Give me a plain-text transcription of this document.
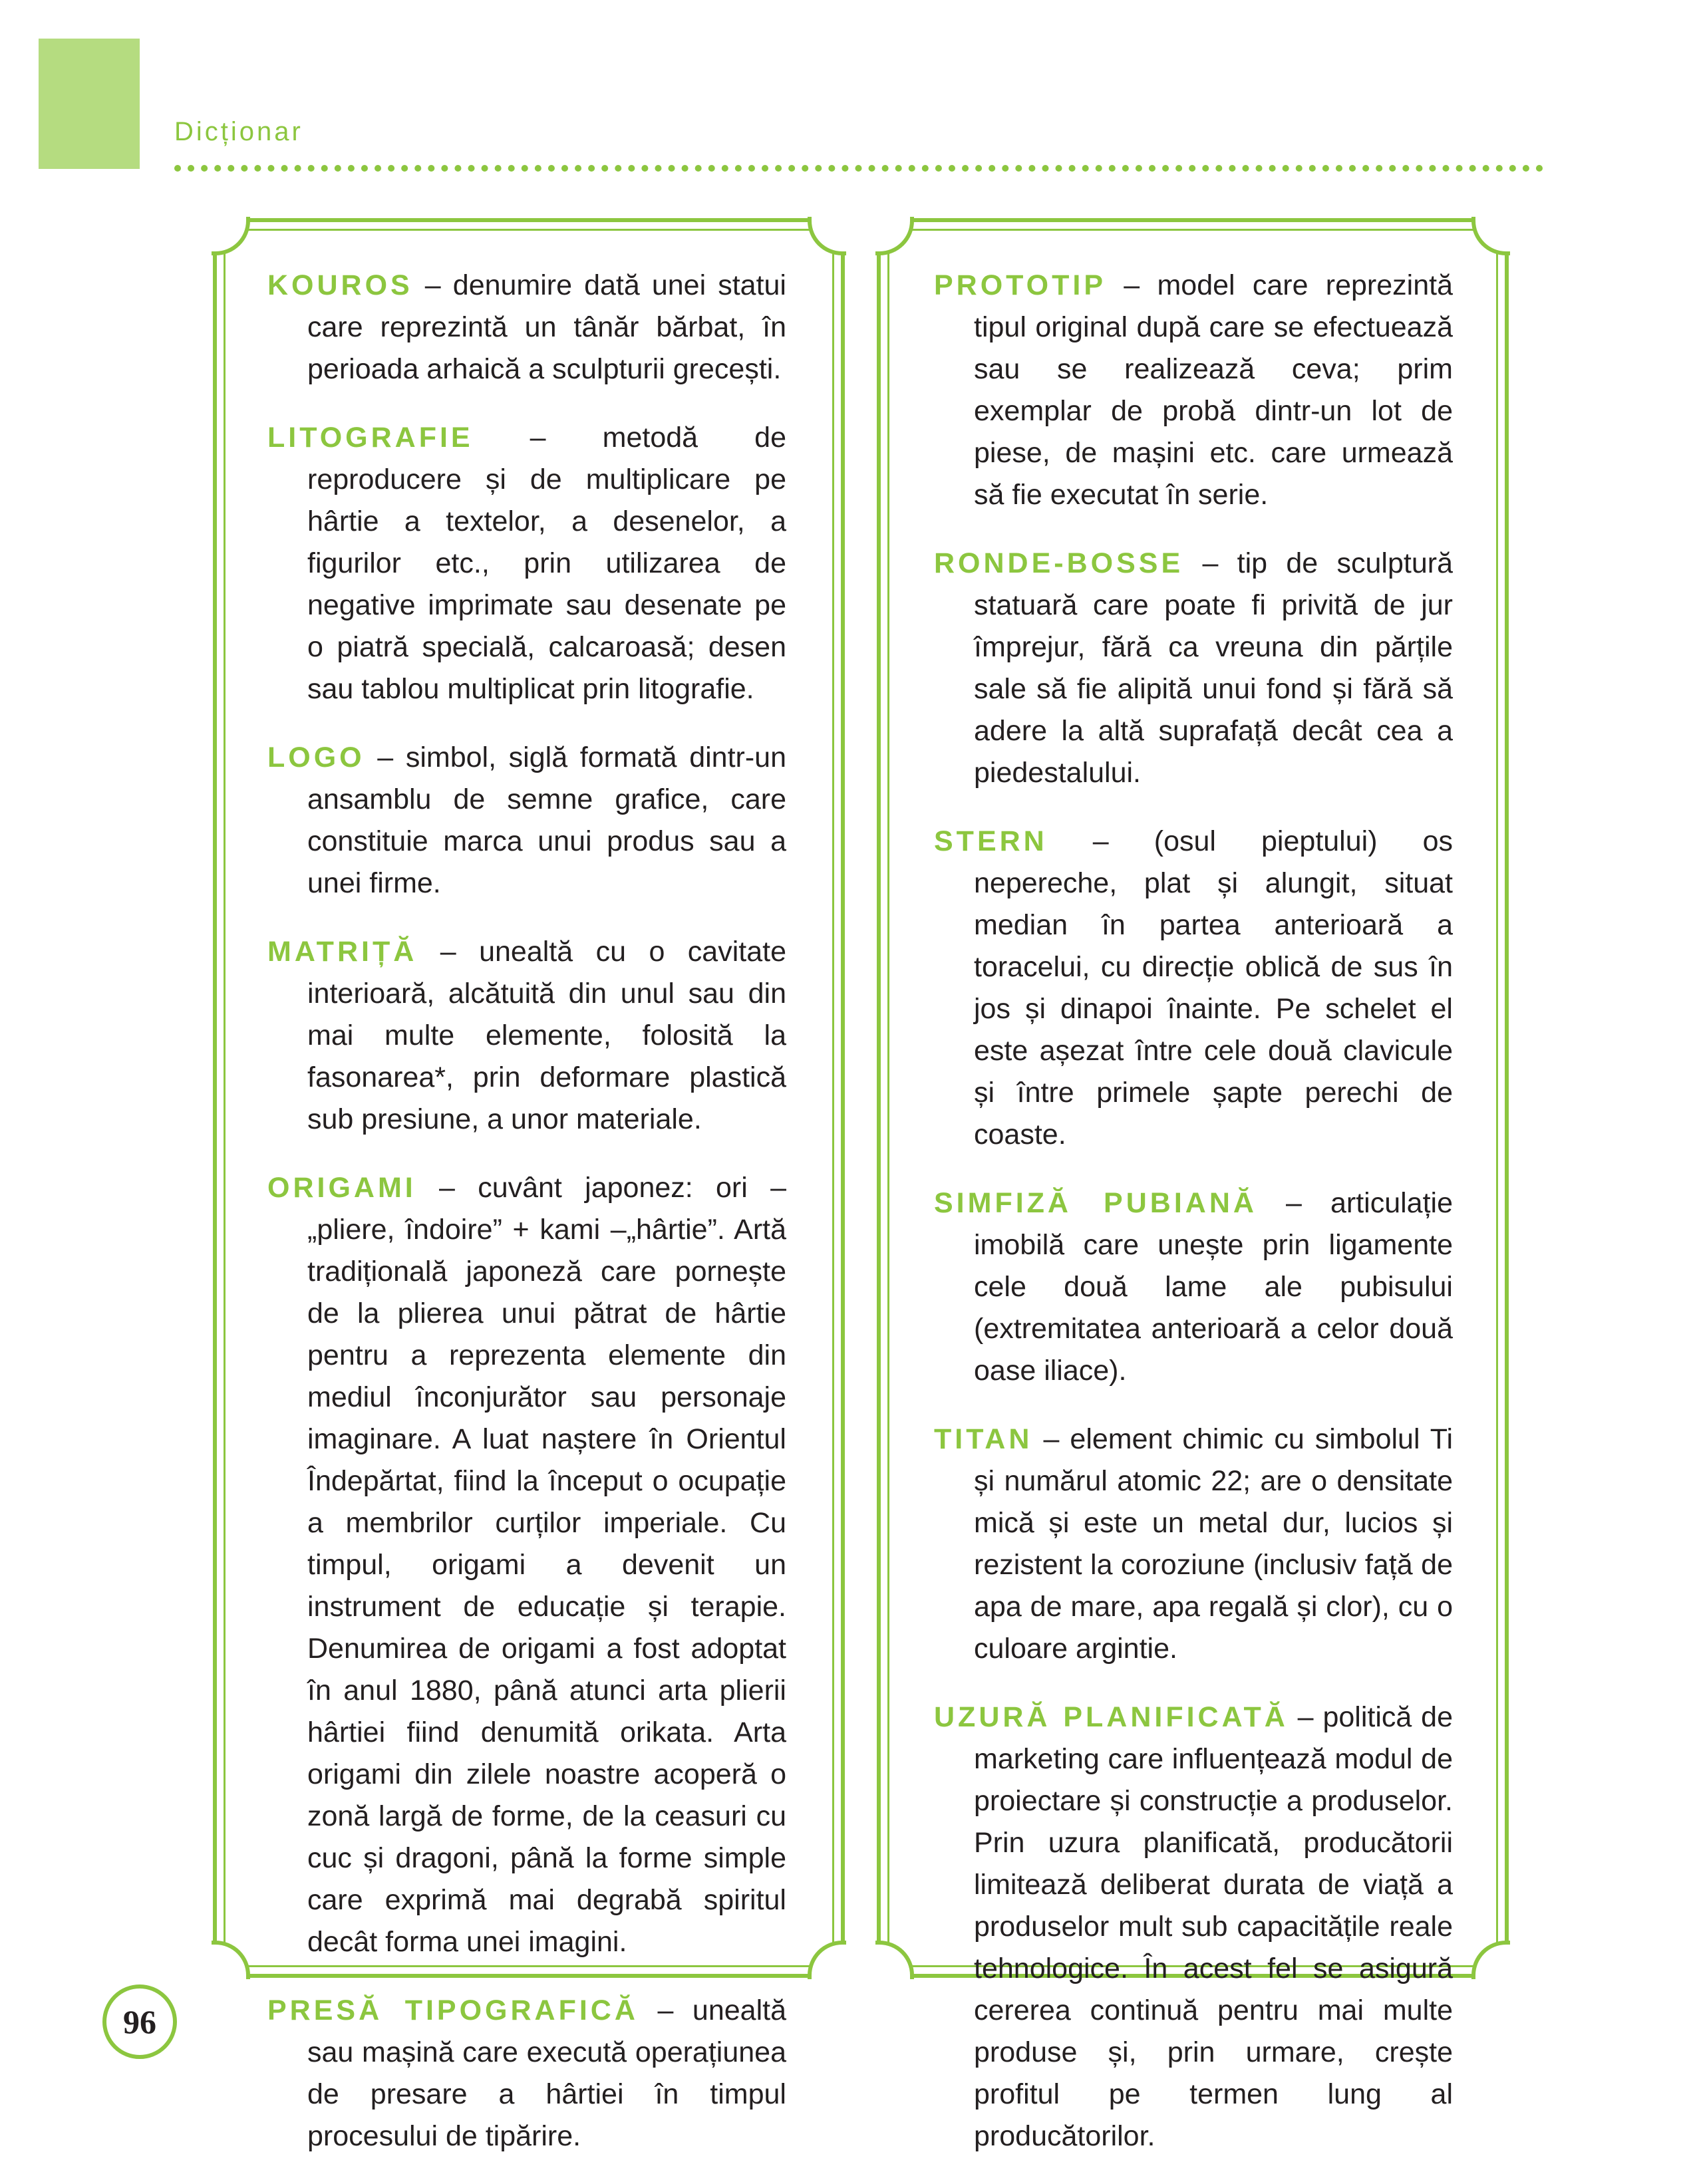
Dicționar

KOUROS – denumire dată unei statui care reprezintă un tânăr bărbat, în perioada arhaică a sculpturii grecești.

LITOGRAFIE – metodă de reproducere și de multiplicare pe hârtie a textelor, a desenelor, a figurilor etc., prin utilizarea de negative imprimate sau desenate pe o piatră specială, calcaroasă; desen sau tablou multiplicat prin litografie.

LOGO – simbol, siglă formată dintr-un ansamblu de semne grafice, care constituie marca unui produs sau a unei firme.

MATRIȚĂ – unealtă cu o cavitate interioară, alcătuită din unul sau din mai multe elemente, folosită la fasonarea*, prin deformare plastică sub presiune, a unor materiale.

ORIGAMI – cuvânt japonez: ori – „pliere, îndoire” + kami –„hârtie”. Artă tradițională japoneză care pornește de la plierea unui pătrat de hârtie pentru a reprezenta elemente din mediul înconjurător sau personaje imaginare. A luat naștere în Orientul Îndepărtat, fiind la început o ocupație a membrilor curților imperiale. Cu timpul, origami a devenit un instrument de educație și terapie. Denumirea de origami a fost adoptat în anul 1880, până atunci arta plierii hârtiei fiind denumită orikata. Arta origami din zilele noastre acoperă o zonă largă de forme, de la ceasuri cu cuc și dragoni, până la forme simple care exprimă mai degrabă spiritul decât forma unei imagini.

PRESĂ TIPOGRAFICĂ – unealtă sau mașină care execută operațiunea de presare a hârtiei în timpul procesului de tipărire.

PROTOTIP – model care reprezintă tipul original după care se efectuează sau se realizează ceva; prim exemplar de probă dintr-un lot de piese, de mașini etc. care urmează să fie executat în serie.

RONDE-BOSSE – tip de sculptură statuară care poate fi privită de jur împrejur, fără ca vreuna din părțile sale să fie alipită unui fond și fără să adere la altă suprafață decât cea a piedestalului.

STERN – (osul pieptului) os nepereche, plat și alungit, situat median în partea anterioară a toracelui, cu direcție oblică de sus în jos și dinapoi înainte. Pe schelet el este așezat între cele două clavicule și între primele șapte perechi de coaste.

SIMFIZĂ PUBIANĂ – articulație imobilă care unește prin ligamente cele două lame ale pubisului (extremitatea anterioară a celor două oase iliace).

TITAN – element chimic cu simbolul Ti și numărul atomic 22; are o densitate mică și este un metal dur, lucios și rezistent la coroziune (inclusiv față de apa de mare, apa regală și clor), cu o culoare argintie.

UZURĂ PLANIFICATĂ – politică de marketing care influențează modul de proiectare și construcție a produselor. Prin uzura planificată, producătorii limitează deliberat durata de viață a produselor mult sub capacitățile reale tehnologice. În acest fel se asigură cererea continuă pentru mai multe produse și, prin urmare, crește profitul pe termen lung al producătorilor.

96
